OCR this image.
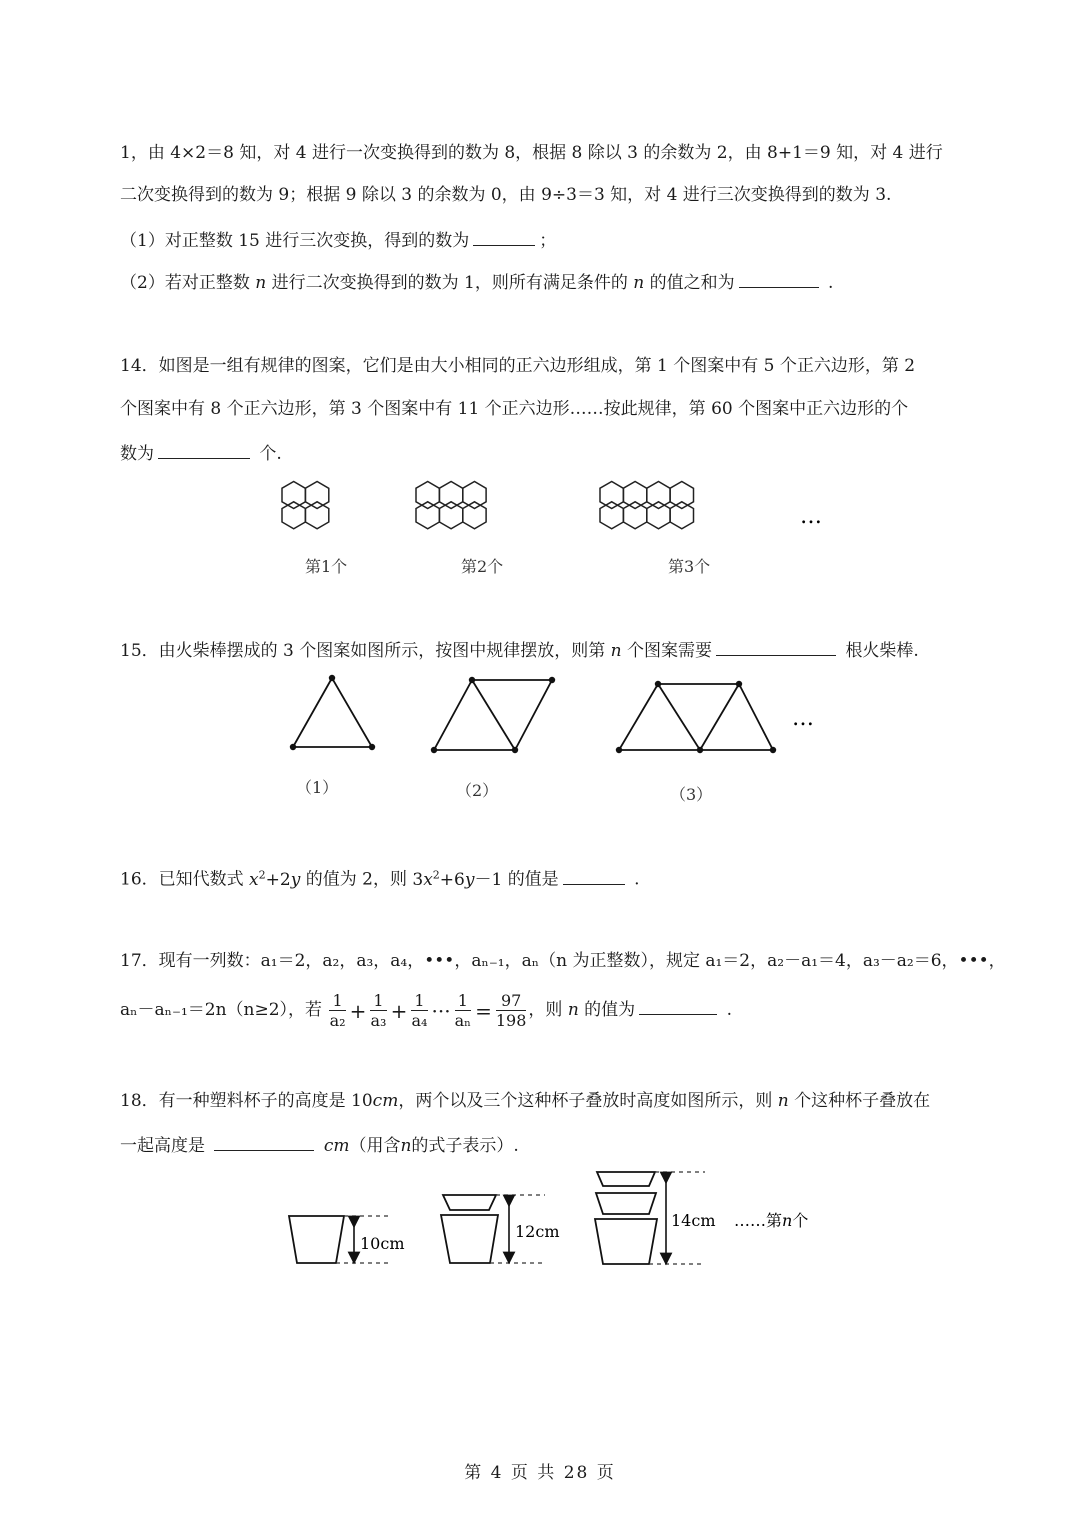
1，由 4×2＝8 知，对 4 进行一次变换得到的数为 8，根据 8 除以 3 的余数为 2，由 8+1＝9 知，对 4 进行
二次变换得到的数为 9；根据 9 除以 3 的余数为 0，由 9÷3＝3 知，对 4 进行三次变换得到的数为 3.
（1）对正整数 15 进行三次变换，得到的数为	；
（2）若对正整数 n 进行二次变换得到的数为 1，则所有满足条件的 n 的值之和为	.
14．如图是一组有规律的图案，它们是由大小相同的正六边形组成，第 1 个图案中有 5 个正六边形，第 2
个图案中有 8 个正六边形，第 3 个图案中有 11 个正六边形……按此规律，第 60 个图案中正六边形的个
数为	个.
…
第1个	第2个	第3个
15．由火柴棒摆成的 3 个图案如图所示，按图中规律摆放，则第 n 个图案需要	根火柴棒.
…
（1）	（2）	（3）
16．已知代数式 $x^2+2y$ 的值为 2，则 $3x^2+6y-1$ 的值是	.
17．现有一列数：a₁＝2，a₂，a₃，a₄，•••，aₙ₋₁，aₙ（n 为正整数），规定 a₁＝2，a₂－a₁＝4，a₃－a₂＝6，•••，
aₙ－aₙ₋₁＝2n（n≥2），若 $\frac{1}{\text{a₂}} + \frac{1}{\text{a₃}} + \frac{1}{\text{a₄}}$ ··· $\frac{1}{\text{aₙ}} = \frac{97}{198}$ ，则 n 的值为	.
18．有一种塑料杯子的高度是 10cm，两个以及三个这种杯子叠放时高度如图所示，则 n 个这种杯子叠放在
一起高度是	cm（用含n的式子表示）.
10cm
12cm
14cm ……第n个
第 4 页 共 28 页
